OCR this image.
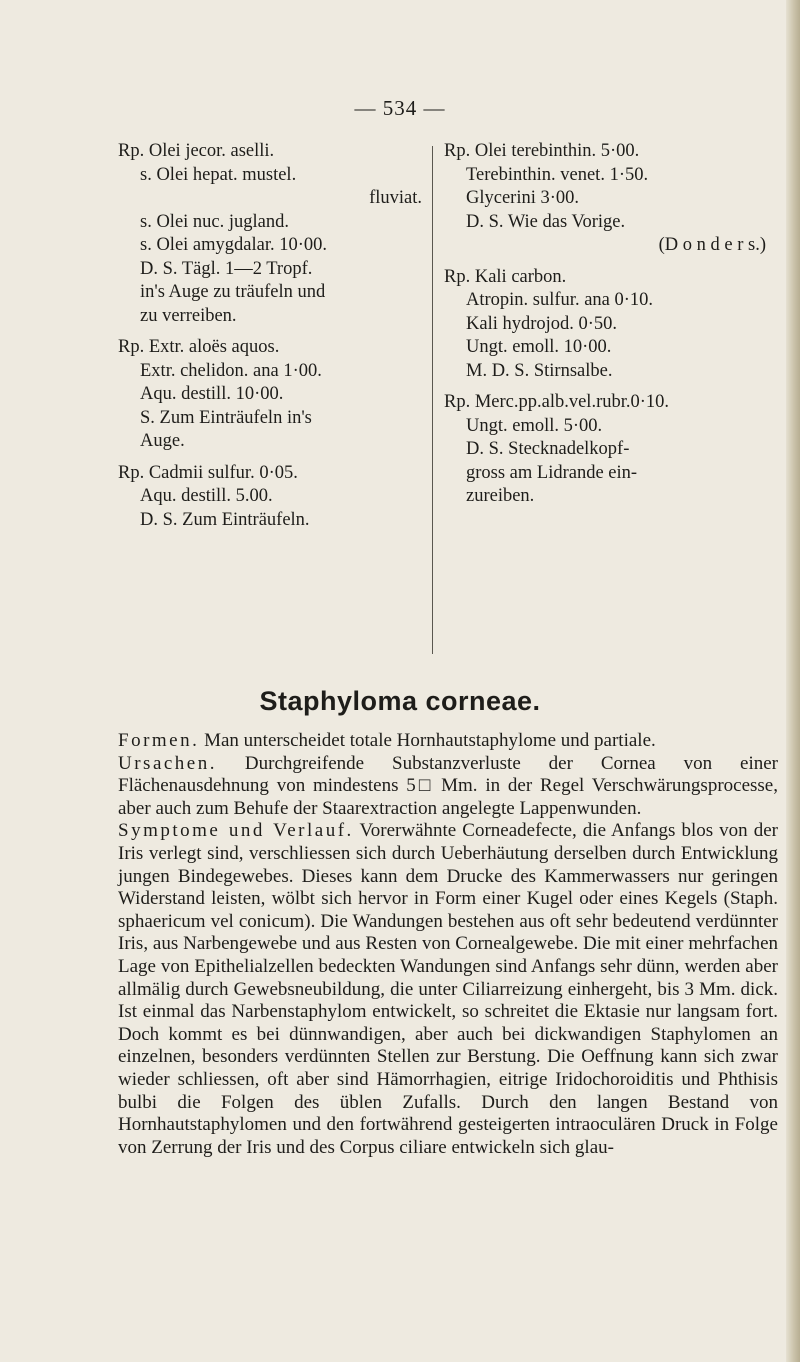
— 534 —
Rp. Olei jecor. aselli.
s. Olei hepat. mustel.
fluviat.
s. Olei nuc. jugland.
s. Olei amygdalar. 10·00.
D. S. Tägl. 1—2 Tropf.
in's Auge zu träufeln und
zu verreiben.
Rp. Extr. aloës aquos.
Extr. chelidon. ana 1·00.
Aqu. destill. 10·00.
S. Zum Einträufeln in's
Auge.
Rp. Cadmii sulfur. 0·05.
Aqu. destill. 5.00.
D. S. Zum Einträufeln.
Rp. Olei terebinthin. 5·00.
Terebinthin. venet. 1·50.
Glycerini 3·00.
D. S. Wie das Vorige.
(D o n d e r s.)
Rp. Kali carbon.
Atropin. sulfur. ana 0·10.
Kali hydrojod. 0·50.
Ungt. emoll. 10·00.
M. D. S. Stirnsalbe.
Rp. Merc.pp.alb.vel.rubr.0·10.
Ungt. emoll. 5·00.
D. S. Stecknadelkopf-
gross am Lidrande ein-
zureiben.
Staphyloma corneae.

Formen. Man unterscheidet totale Hornhautstaphylome und partiale.

Ursachen. Durchgreifende Substanzverluste der Cornea von einer Flächenausdehnung von mindestens 5□ Mm. in der Regel Verschwärungsprocesse, aber auch zum Behufe der Staarextraction angelegte Lappenwunden.

Symptome und Verlauf. Vorerwähnte Corneadefecte, die Anfangs blos von der Iris verlegt sind, verschliessen sich durch Ueberhäutung derselben durch Entwicklung jungen Bindegewebes. Dieses kann dem Drucke des Kammerwassers nur geringen Widerstand leisten, wölbt sich hervor in Form einer Kugel oder eines Kegels (Staph. sphaericum vel conicum). Die Wandungen bestehen aus oft sehr bedeutend verdünnter Iris, aus Narbengewebe und aus Resten von Cornealgewebe. Die mit einer mehrfachen Lage von Epithelialzellen bedeckten Wandungen sind Anfangs sehr dünn, werden aber allmälig durch Gewebsneubildung, die unter Ciliarreizung einhergeht, bis 3 Mm. dick. Ist einmal das Narbenstaphylom entwickelt, so schreitet die Ektasie nur langsam fort. Doch kommt es bei dünnwandigen, aber auch bei dickwandigen Staphylomen an einzelnen, besonders verdünnten Stellen zur Berstung. Die Oeffnung kann sich zwar wieder schliessen, oft aber sind Hämorrhagien, eitrige Iridochoroiditis und Phthisis bulbi die Folgen des üblen Zufalls. Durch den langen Bestand von Hornhautstaphylomen und den fortwährend gesteigerten intraoculären Druck in Folge von Zerrung der Iris und des Corpus ciliare entwickeln sich glau-
